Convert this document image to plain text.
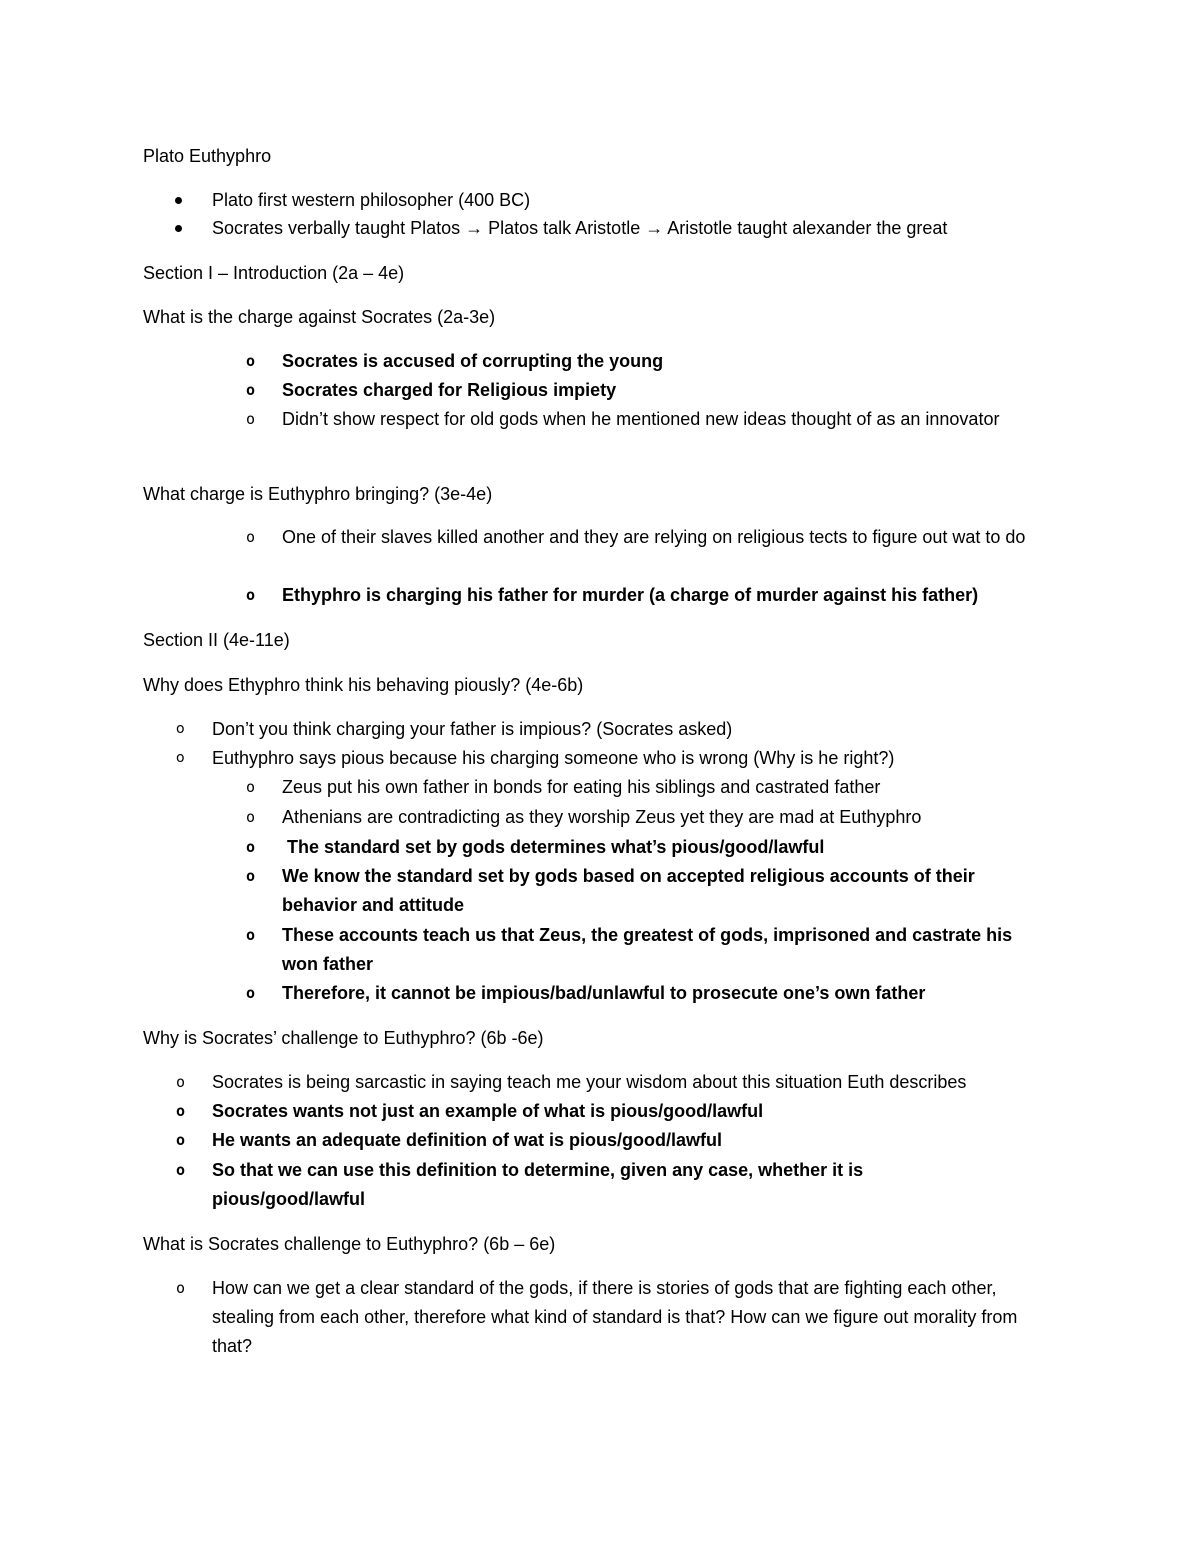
Plato Euthyphro
Plato first western philosopher (400 BC)
Socrates verbally taught Platos → Platos talk Aristotle → Aristotle taught alexander the great
Section I – Introduction (2a – 4e)
What is the charge against Socrates (2a-3e)
o Socrates is accused of corrupting the young
o Socrates charged for Religious impiety
o Didn’t show respect for old gods when he mentioned new ideas thought of as an innovator
What charge is Euthyphro bringing? (3e-4e)
o One of their slaves killed another and they are relying on religious tects to figure out wat to do
o Ethyphro is charging his father for murder (a charge of murder against his father)
Section II (4e-11e)
Why does Ethyphro think his behaving piously? (4e-6b)
o Don’t you think charging your father is impious? (Socrates asked)
o Euthyphro says pious because his charging someone who is wrong (Why is he right?)
o Zeus put his own father in bonds for eating his siblings and castrated father
o Athenians are contradicting as they worship Zeus yet they are mad at Euthyphro
o The standard set by gods determines what’s pious/good/lawful
o We know the standard set by gods based on accepted religious accounts of their behavior and attitude
o These accounts teach us that Zeus, the greatest of gods, imprisoned and castrate his won father
o Therefore, it cannot be impious/bad/unlawful to prosecute one’s own father
Why is Socrates’ challenge to Euthyphro? (6b -6e)
o Socrates is being sarcastic in saying teach me your wisdom about this situation Euth describes
o Socrates wants not just an example of what is pious/good/lawful
o He wants an adequate definition of wat is pious/good/lawful
o So that we can use this definition to determine, given any case, whether it is pious/good/lawful
What is Socrates challenge to Euthyphro? (6b – 6e)
o How can we get a clear standard of the gods, if there is stories of gods that are fighting each other, stealing from each other, therefore what kind of standard is that? How can we figure out morality from that?
